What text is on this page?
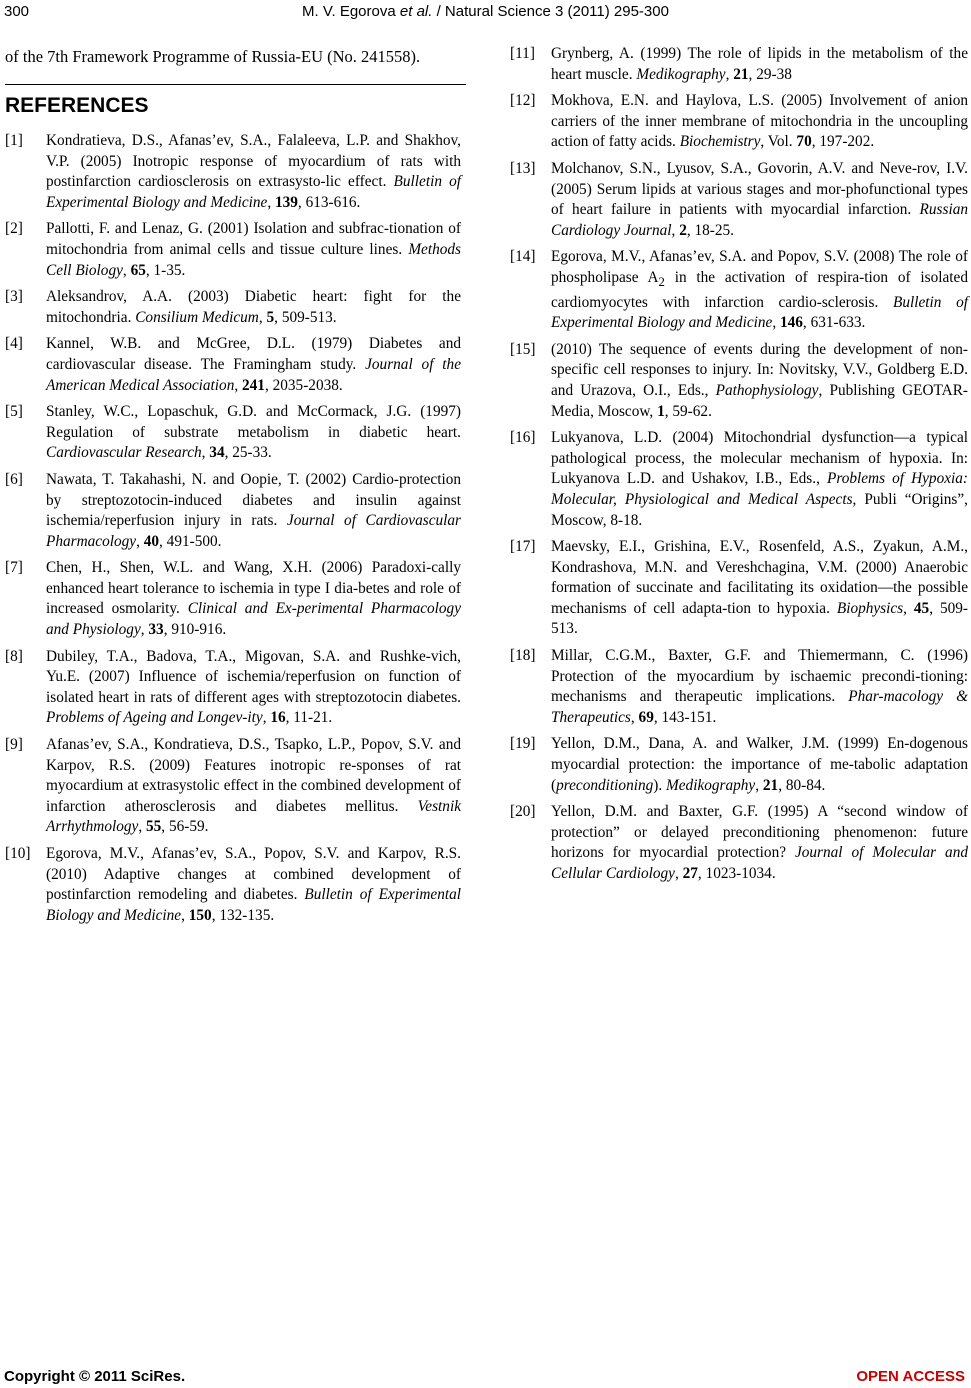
300	M. V. Egorova et al. / Natural Science 3 (2011) 295-300

of the 7th Framework Programme of Russia-EU (No. 241558).

REFERENCES
[1] Kondratieva, D.S., Afanas’ev, S.A., Falaleeva, L.P. and Shakhov, V.P. (2005) Inotropic response of myocardium of rats with postinfarction cardiosclerosis on extrasysto-lic effect. Bulletin of Experimental Biology and Medicine, 139, 613-616.
[2] Pallotti, F. and Lenaz, G. (2001) Isolation and subfrac-tionation of mitochondria from animal cells and tissue culture lines. Methods Cell Biology, 65, 1-35.
[3] Aleksandrov, A.A. (2003) Diabetic heart: fight for the mitochondria. Consilium Medicum, 5, 509-513.
[4] Kannel, W.B. and McGree, D.L. (1979) Diabetes and cardiovascular disease. The Framingham study. Journal of the American Medical Association, 241, 2035-2038.
[5] Stanley, W.C., Lopaschuk, G.D. and McCormack, J.G. (1997) Regulation of substrate metabolism in diabetic heart. Cardiovascular Research, 34, 25-33.
[6] Nawata, T. Takahashi, N. and Oopie, T. (2002) Cardio-protection by streptozotocin-induced diabetes and insulin against ischemia/reperfusion injury in rats. Journal of Cardiovascular Pharmacology, 40, 491-500.
[7] Chen, H., Shen, W.L. and Wang, X.H. (2006) Paradoxi-cally enhanced heart tolerance to ischemia in type I dia-betes and role of increased osmolarity. Clinical and Ex-perimental Pharmacology and Physiology, 33, 910-916.
[8] Dubiley, T.A., Badova, T.A., Migovan, S.A. and Rushke-vich, Yu.E. (2007) Influence of ischemia/reperfusion on function of isolated heart in rats of different ages with streptozotocin diabetes. Problems of Ageing and Longev-ity, 16, 11-21.
[9] Afanas’ev, S.A., Kondratieva, D.S., Tsapko, L.P., Popov, S.V. and Karpov, R.S. (2009) Features inotropic re-sponses of rat myocardium at extrasystolic effect in the combined development of infarction atherosclerosis and diabetes mellitus. Vestnik Arrhythmology, 55, 56-59.
[10] Egorova, M.V., Afanas’ev, S.A., Popov, S.V. and Karpov, R.S. (2010) Adaptive changes at combined development of postinfarction remodeling and diabetes. Bulletin of Experimental Biology and Medicine, 150, 132-135.
[11] Grynberg, A. (1999) The role of lipids in the metabolism of the heart muscle. Medikography, 21, 29-38
[12] Mokhova, E.N. and Haylova, L.S. (2005) Involvement of anion carriers of the inner membrane of mitochondria in the uncoupling action of fatty acids. Biochemistry, Vol. 70, 197-202.
[13] Molchanov, S.N., Lyusov, S.A., Govorin, A.V. and Neve-rov, I.V. (2005) Serum lipids at various stages and mor-phofunctional types of heart failure in patients with myocardial infarction. Russian Cardiology Journal, 2, 18-25.
[14] Egorova, M.V., Afanas’ev, S.A. and Popov, S.V. (2008) The role of phospholipase $A_2$ in the activation of respira-tion of isolated cardiomyocytes with infarction cardio-sclerosis. Bulletin of Experimental Biology and Medicine, 146, 631-633.
[15] (2010) The sequence of events during the development of non-specific cell responses to injury. In: Novitsky, V.V., Goldberg E.D. and Urazova, O.I., Eds., Pathophysiology, Publishing GEOTAR-Media, Moscow, 1, 59-62.
[16] Lukyanova, L.D. (2004) Mitochondrial dysfunction—a typical pathological process, the molecular mechanism of hypoxia. In: Lukyanova L.D. and Ushakov, I.B., Eds., Problems of Hypoxia: Molecular, Physiological and Medical Aspects, Publi “Origins”, Moscow, 8-18.
[17] Maevsky, E.I., Grishina, E.V., Rosenfeld, A.S., Zyakun, A.M., Kondrashova, M.N. and Vereshchagina, V.M. (2000) Anaerobic formation of succinate and facilitating its oxidation—the possible mechanisms of cell adapta-tion to hypoxia. Biophysics, 45, 509-513.
[18] Millar, C.G.M., Baxter, G.F. and Thiemermann, C. (1996) Protection of the myocardium by ischaemic precondi-tioning: mechanisms and therapeutic implications. Phar-macology & Therapeutics, 69, 143-151.
[19] Yellon, D.M., Dana, A. and Walker, J.M. (1999) En-dogenous myocardial protection: the importance of me-tabolic adaptation (preconditioning). Medikography, 21, 80-84.
[20] Yellon, D.M. and Baxter, G.F. (1995) A “second window of protection” or delayed preconditioning phenomenon: future horizons for myocardial protection? Journal of Molecular and Cellular Cardiology, 27, 1023-1034.
Copyright © 2011 SciRes.	OPEN ACCESS
